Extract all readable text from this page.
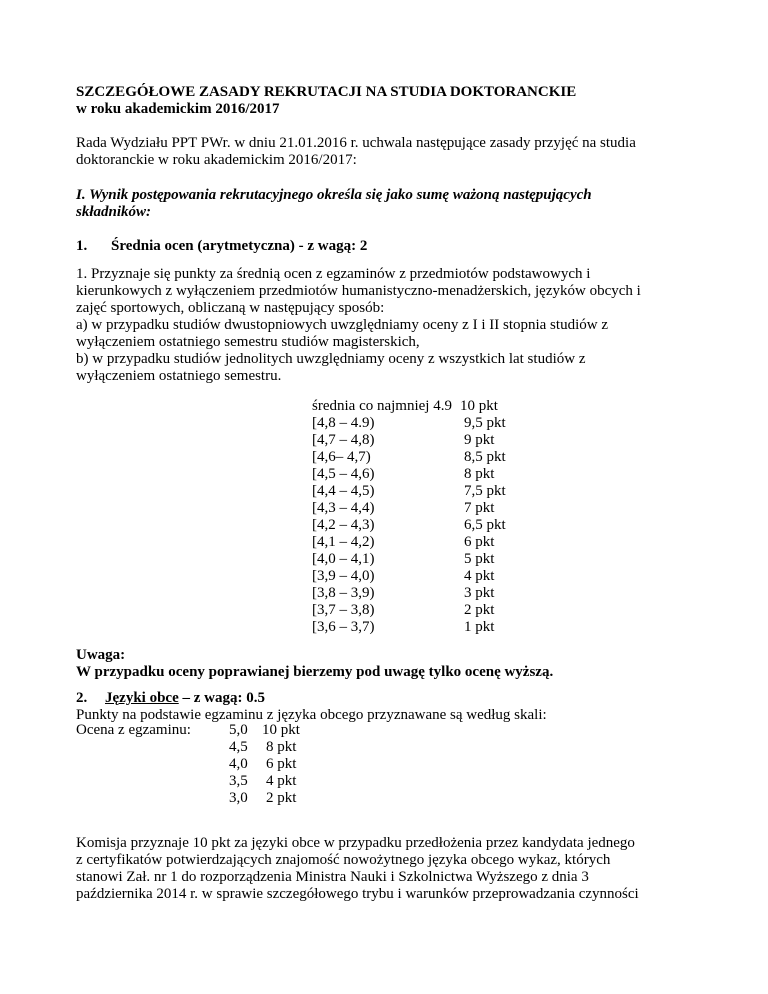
SZCZEGÓŁOWE ZASADY REKRUTACJI NA STUDIA DOKTORANCKIE
w roku akademickim 2016/2017
Rada Wydziału PPT PWr. w dniu 21.01.2016 r. uchwala następujące zasady przyjęć na studia
doktoranckie w roku akademickim 2016/2017:
I. Wynik postępowania rekrutacyjnego określa się jako sumę ważoną następujących
składników:
1. Średnia ocen (arytmetyczna) - z wagą: 2
1. Przyznaje się punkty za średnią ocen z egzaminów z przedmiotów podstawowych i
kierunkowych z wyłączeniem przedmiotów humanistyczno-menadżerskich, języków obcych i
zajęć sportowych, obliczaną w następujący sposób:
a) w przypadku studiów dwustopniowych uwzględniamy oceny z I i II stopnia studiów z
wyłączeniem ostatniego semestru studiów magisterskich,
b) w przypadku studiów jednolitych uwzględniamy oceny z wszystkich lat studiów z
wyłączeniem ostatniego semestru.
średnia co najmniej 4.9 10 pkt
[4,8 – 4.9)	9,5 pkt
[4,7 – 4,8)	9 pkt
[4,6– 4,7)	8,5 pkt
[4,5 – 4,6)	8 pkt
[4,4 – 4,5)	7,5 pkt
[4,3 – 4,4)	7 pkt
[4,2 – 4,3)	6,5 pkt
[4,1 – 4,2)	6 pkt
[4,0 – 4,1)	5 pkt
[3,9 – 4,0)	4 pkt
[3,8 – 3,9)	3 pkt
[3,7 – 3,8)	2 pkt
[3,6 – 3,7)	1 pkt
Uwaga:
W przypadku oceny poprawianej bierzemy pod uwagę tylko ocenę wyższą.
2. Języki obce – z wagą: 0.5
Punkty na podstawie egzaminu z języka obcego przyznawane są według skali:
Ocena z egzaminu:	5,0 10 pkt
4,5 8 pkt
4,0 6 pkt
3,5 4 pkt
3,0 2 pkt
Komisja przyznaje 10 pkt za języki obce w przypadku przedłożenia przez kandydata jednego
z certyfikatów potwierdzających znajomość nowożytnego języka obcego wykaz, których
stanowi Zał. nr 1 do rozporządzenia Ministra Nauki i Szkolnictwa Wyższego z dnia 3
października 2014 r. w sprawie szczegółowego trybu i warunków przeprowadzania czynności
